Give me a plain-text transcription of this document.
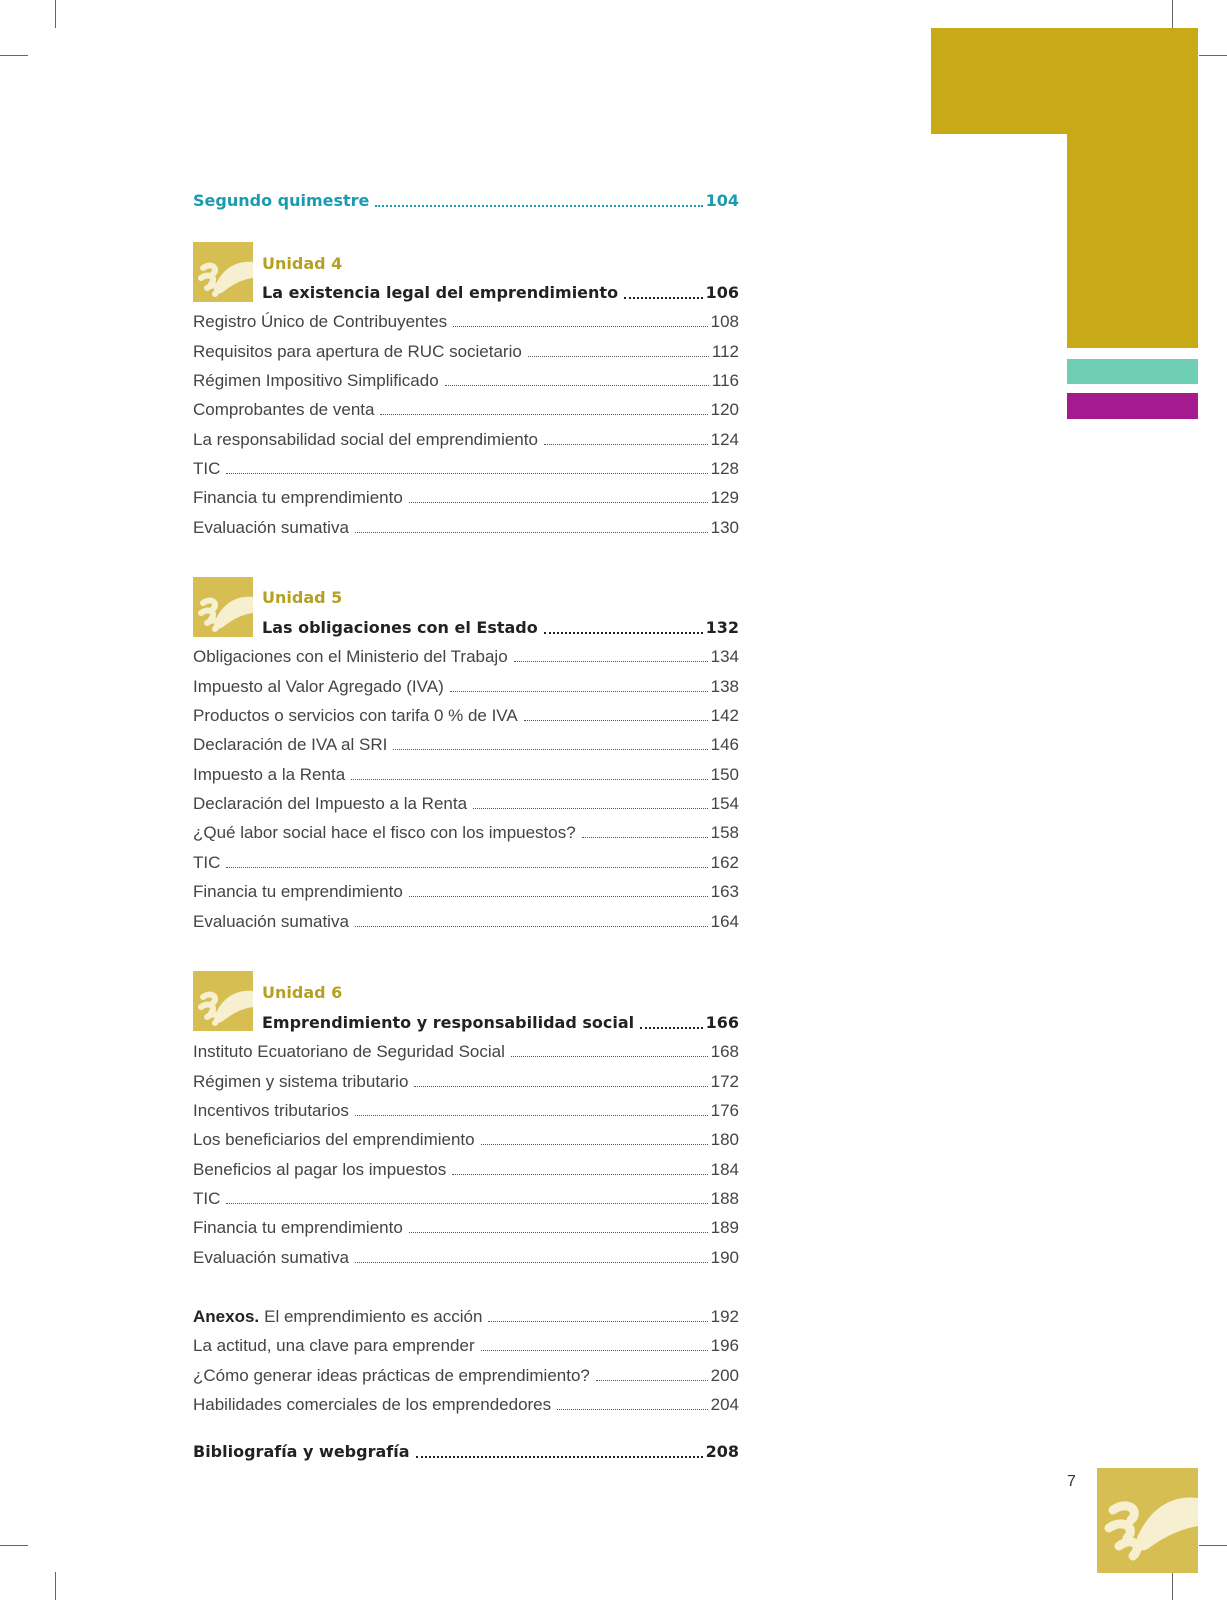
Segundo quimestre	104
Unidad 4
La existencia legal del emprendimiento	106
Registro Único de Contribuyentes	108
Requisitos para apertura de RUC societario	112
Régimen Impositivo Simplificado	116
Comprobantes de venta	120
La responsabilidad social del emprendimiento	124
TIC	128
Financia tu emprendimiento	129
Evaluación sumativa	130
Unidad 5
Las obligaciones con el Estado	132
Obligaciones con el Ministerio del Trabajo	134
Impuesto al Valor Agregado (IVA)	138
Productos o servicios con tarifa 0 % de IVA	142
Declaración de IVA al SRI	146
Impuesto a la Renta	150
Declaración del Impuesto a la Renta	154
¿Qué labor social hace el fisco con los impuestos?	158
TIC	162
Financia tu emprendimiento	163
Evaluación sumativa	164
Unidad 6
Emprendimiento y responsabilidad social	166
Instituto Ecuatoriano de Seguridad Social	168
Régimen y sistema tributario	172
Incentivos tributarios	176
Los beneficiarios del emprendimiento	180
Beneficios al pagar los impuestos	184
TIC	188
Financia tu emprendimiento	189
Evaluación sumativa	190
Anexos. El emprendimiento es acción	192
La actitud, una clave para emprender	196
¿Cómo generar ideas prácticas de emprendimiento?	200
Habilidades comerciales de los emprendedores	204
Bibliografía y webgrafía	208
7
